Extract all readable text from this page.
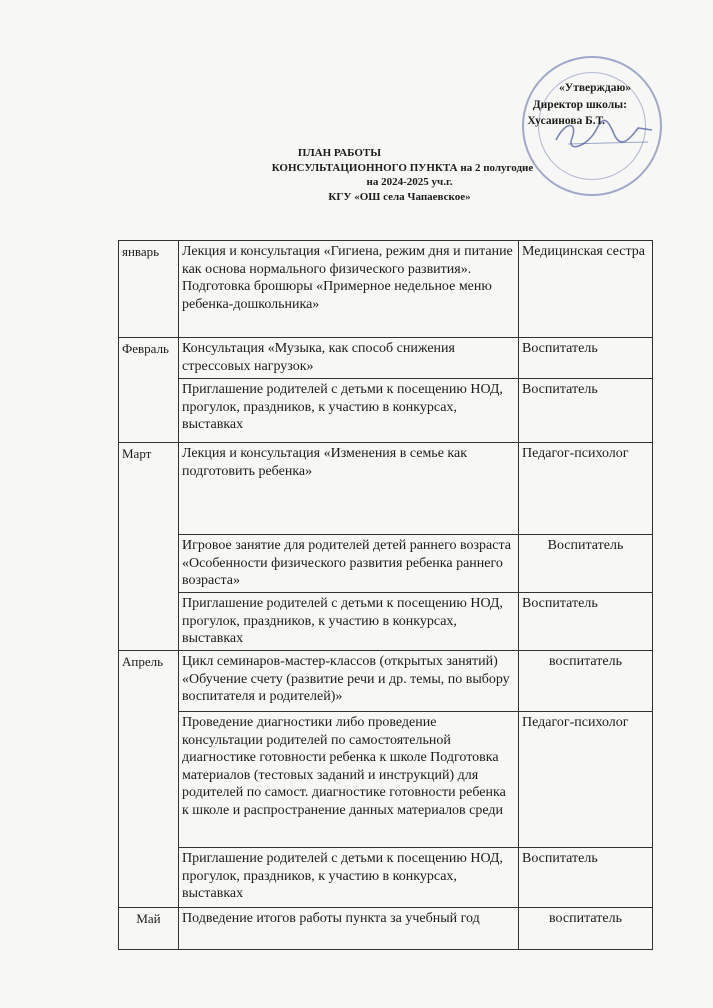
«Утверждаю»
Директор школы:
Хусаинова Б.Т.
ПЛАН РАБОТЫ
КОНСУЛЬТАЦИОННОГО ПУНКТА на 2 полугодие
на 2024-2025 уч.г.
КГУ «ОШ села Чапаевское»
январь	Лекция и консультация «Гигиена, режим дня и питание как основа нормального физического развития». Подготовка брошюры «Примерное недельное меню ребенка-дошкольника»	Медицинская сестра
Февраль	Консультация «Музыка, как способ снижения стрессовых нагрузок»	Воспитатель
	Приглашение родителей с детьми к посещению НОД, прогулок, праздников, к участию в конкурсах, выставках	Воспитатель
Март	Лекция и консультация «Изменения в семье как подготовить ребенка»	Педагог-психолог
	Игровое занятие для родителей детей раннего возраста «Особенности физического развития ребенка раннего возраста»	Воспитатель
	Приглашение родителей с детьми к посещению НОД, прогулок, праздников, к участию в конкурсах, выставках	Воспитатель
Апрель	Цикл семинаров-мастер-классов (открытых занятий) «Обучение счету (развитие речи и др. темы, по выбору воспитателя и родителей)»	воспитатель
	Проведение диагностики либо проведение консультации родителей по самостоятельной диагностике готовности ребенка к школе Подготовка материалов (тестовых заданий и инструкций) для родителей по самост. диагностике готовности ребенка к школе и распространение данных материалов среди	Педагог-психолог
	Приглашение родителей с детьми к посещению НОД, прогулок, праздников, к участию в конкурсах, выставках	Воспитатель
Май	Подведение итогов работы пункта за учебный год	воспитатель
